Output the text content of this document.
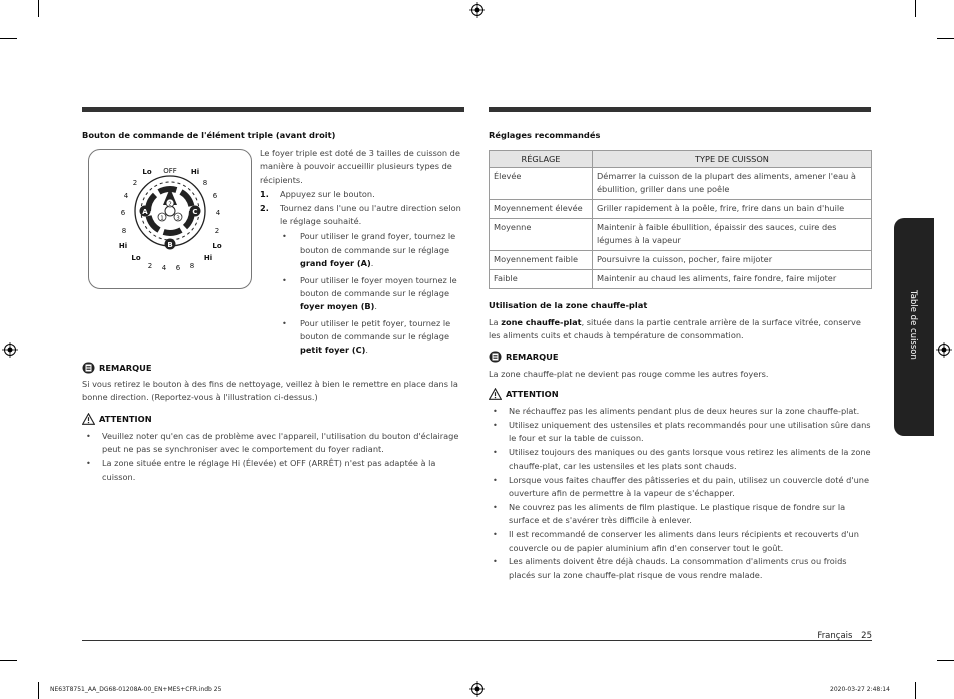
Bouton de commande de l'élément triple (avant droit)
OFF
Lo	Hi
2
4
6
8
8
6
4
2
Hi	Lo
Lo	Hi
2 4 6 8
A	C
B
2
1 3
Le foyer triple est doté de 3 tailles de cuisson de manière à pouvoir accueillir plusieurs types de récipients.
1. Appuyez sur le bouton.
2. Tournez dans l'une ou l'autre direction selon le réglage souhaité.
• Pour utiliser le grand foyer, tournez le bouton de commande sur le réglage grand foyer (A).
• Pour utiliser le foyer moyen tournez le bouton de commande sur le réglage foyer moyen (B).
• Pour utiliser le petit foyer, tournez le bouton de commande sur le réglage petit foyer (C).
REMARQUE
Si vous retirez le bouton à des fins de nettoyage, veillez à bien le remettre en place dans la bonne direction. (Reportez-vous à l'illustration ci-dessus.)
ATTENTION
• Veuillez noter qu'en cas de problème avec l'appareil, l'utilisation du bouton d'éclairage peut ne pas se synchroniser avec le comportement du foyer radiant.
• La zone située entre le réglage Hi (Élevée) et OFF (ARRÊT) n'est pas adaptée à la cuisson.
Réglages recommandés
RÉGLAGE	TYPE DE CUISSON
Élevée	Démarrer la cuisson de la plupart des aliments, amener l'eau à ébullition, griller dans une poêle
Moyennement élevée	Griller rapidement à la poêle, frire, frire dans un bain d'huile
Moyenne	Maintenir à faible ébullition, épaissir des sauces, cuire des légumes à la vapeur
Moyennement faible	Poursuivre la cuisson, pocher, faire mijoter
Faible	Maintenir au chaud les aliments, faire fondre, faire mijoter
Utilisation de la zone chauffe-plat
La zone chauffe-plat, située dans la partie centrale arrière de la surface vitrée, conserve les aliments cuits et chauds à température de consommation.
REMARQUE
La zone chauffe-plat ne devient pas rouge comme les autres foyers.
ATTENTION
• Ne réchauffez pas les aliments pendant plus de deux heures sur la zone chauffe-plat.
• Utilisez uniquement des ustensiles et plats recommandés pour une utilisation sûre dans le four et sur la table de cuisson.
• Utilisez toujours des maniques ou des gants lorsque vous retirez les aliments de la zone chauffe-plat, car les ustensiles et les plats sont chauds.
• Lorsque vous faites chauffer des pâtisseries et du pain, utilisez un couvercle doté d'une ouverture afin de permettre à la vapeur de s'échapper.
• Ne couvrez pas les aliments de film plastique. Le plastique risque de fondre sur la surface et de s'avérer très difficile à enlever.
• Il est recommandé de conserver les aliments dans leurs récipients et recouverts d'un couvercle ou de papier aluminium afin d'en conserver tout le goût.
• Les aliments doivent être déjà chauds. La consommation d'aliments crus ou froids placés sur la zone chauffe-plat risque de vous rendre malade.
Table de cuisson
Français 25
NE63T8751_AA_DG68-01208A-00_EN+MES+CFR.indb 25	2020-03-27 2:48:14
